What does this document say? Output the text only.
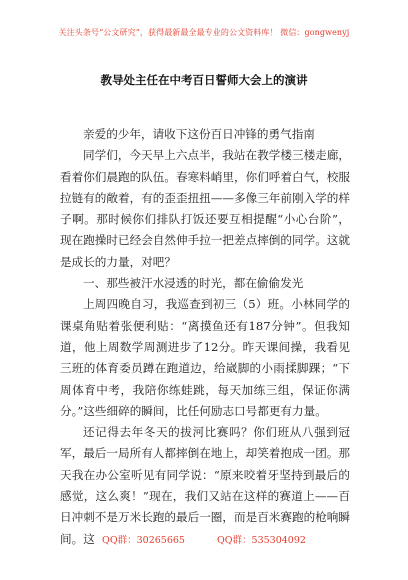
关注头条号“公文研究”，获得最新最全最专业的公文资料库！ 微信：gongwenyj
教导处主任在中考百日誓师大会上的演讲

亲爱的少年，请收下这份百日冲锋的勇气指南

同学们，今天早上六点半，我站在教学楼三楼走廊，看着你们晨跑的队伍。春寒料峭里，你们呼着白气，校服拉链有的敞着，有的歪歪扭扭——多像三年前刚入学的样子啊。那时候你们排队打饭还要互相提醒“小心台阶”，现在跑操时已经会自然伸手拉一把差点摔倒的同学。这就是成长的力量，对吧？

一、那些被汗水浸透的时光，都在偷偷发光

上周四晚自习，我巡查到初三（5）班。小林同学的课桌角贴着张便利贴：“离摸鱼还有187分钟”。但我知道，他上周数学周测进步了12分。昨天课间操，我看见三班的体育委员蹲在跑道边，给崴脚的小雨揉脚踝；“下周体育中考，我陪你练蛙跳，每天加练三组，保证你满分。”这些细碎的瞬间，比任何励志口号都更有力量。

还记得去年冬天的拔河比赛吗？你们班从八强到冠军，最后一局所有人都摔倒在地上，却笑着抱成一团。那天我在办公室听见有同学说：“原来咬着牙坚持到最后的感觉，这么爽！”现在，我们又站在这样的赛道上——百日冲刺不是万米长跑的最后一圈，而是百米赛跑的枪响瞬间。这 QQ群：30265665	QQ群：535304092
